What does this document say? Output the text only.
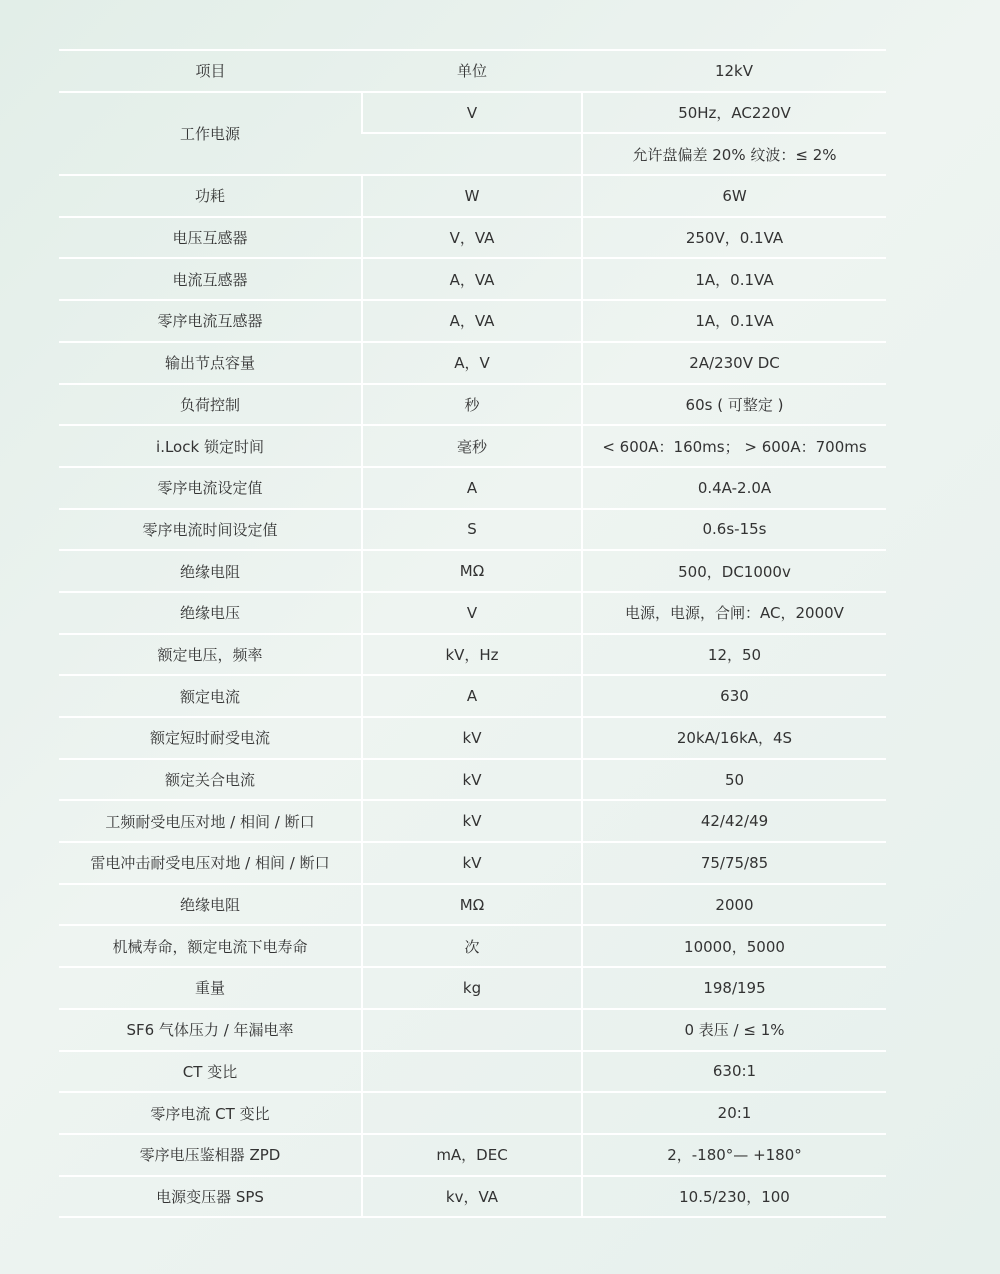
项目	单位	12kV
工作电源	V	50Hz，AC220V
		允许盘偏差 20% 纹波：≤ 2%
功耗	W	6W
电压互感器	V，VA	250V，0.1VA
电流互感器	A，VA	1A，0.1VA
零序电流互感器	A，VA	1A，0.1VA
输出节点容量	A，V	2A/230V DC
负荷控制	秒	60s ( 可整定 )
i.Lock 锁定时间	毫秒	< 600A：160ms； > 600A：700ms
零序电流设定值	A	0.4A-2.0A
零序电流时间设定值	S	0.6s-15s
绝缘电阻	MΩ	500，DC1000v
绝缘电压	V	电源，电源，合闸：AC，2000V
额定电压，频率	kV，Hz	12，50
额定电流	A	630
额定短时耐受电流	kV	20kA/16kA，4S
额定关合电流	kV	50
工频耐受电压对地 / 相间 / 断口	kV	42/42/49
雷电冲击耐受电压对地 / 相间 / 断口	kV	75/75/85
绝缘电阻	MΩ	2000
机械寿命，额定电流下电寿命	次	10000，5000
重量	kg	198/195
SF6 气体压力 / 年漏电率		0 表压 / ≤ 1%
CT 变比		630:1
零序电流 CT 变比		20:1
零序电压鉴相器 ZPD	mA，DEC	2，-180°— +180°
电源变压器 SPS	kv，VA	10.5/230，100
